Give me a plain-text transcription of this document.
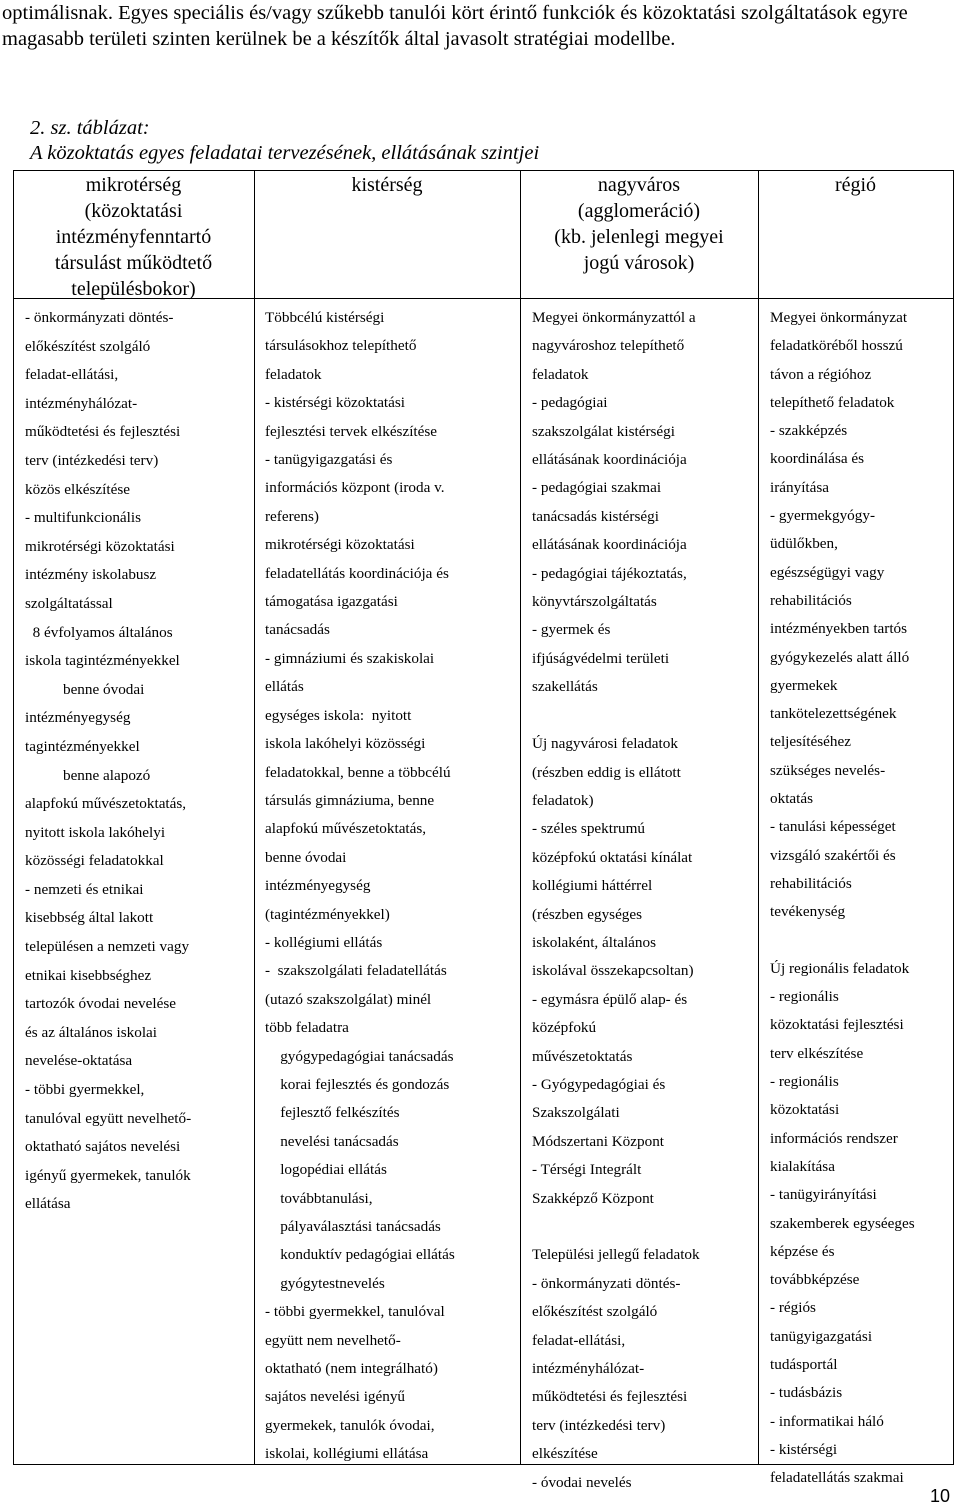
optimálisnak. Egyes speciális és/vagy szűkebb tanulói kört érintő funkciók és közoktatási szolgáltatások egyre magasabb területi szinten kerülnek be a készítők által javasolt stratégiai modellbe.
2. sz. táblázat:
A közoktatás egyes feladatai tervezésének, ellátásának szintjei
mikrotérség
(közoktatási
intézményfenntartó
társulást működtető
településbokor)
kistérség	nagyváros
(agglomeráció)
(kb. jelenlegi megyei
jogú városok)
régió
- önkormányzati döntés-
előkészítést szolgáló
feladat-ellátási,
intézményhálózat-
működtetési és fejlesztési
terv (intézkedési terv)
közös elkészítése
- multifunkcionális
mikrotérségi közoktatási
intézmény iskolabusz
szolgáltatással
8 évfolyamos általános
iskola tagintézményekkel
benne óvodai
intézményegység
tagintézményekkel
benne alapozó
alapfokú művészetoktatás,
nyitott iskola lakóhelyi
közösségi feladatokkal
- nemzeti és etnikai
kisebbség által lakott
településen a nemzeti vagy
etnikai kisebbséghez
tartozók óvodai nevelése
és az általános iskolai
nevelése-oktatása
- többi gyermekkel,
tanulóval együtt nevelhető-
oktatható sajátos nevelési
igényű gyermekek, tanulók
ellátása
Többcélú kistérségi
társulásokhoz telepíthető
feladatok
- kistérségi közoktatási
fejlesztési tervek elkészítése
- tanügyigazgatási és
információs központ (iroda v.
referens)
mikrotérségi közoktatási
feladatellátás koordinációja és
támogatása igazgatási
tanácsadás
- gimnáziumi és szakiskolai
ellátás
egységes iskola:  nyitott
iskola lakóhelyi közösségi
feladatokkal, benne a többcélú
társulás gimnáziuma, benne
alapfokú művészetoktatás,
benne óvodai
intézményegység
(tagintézményekkel)
- kollégiumi ellátás
-  szakszolgálati feladatellátás
(utazó szakszolgálat) minél
több feladatra
gyógypedagógiai tanácsadás
korai fejlesztés és gondozás
fejlesztő felkészítés
nevelési tanácsadás
logopédiai ellátás
továbbtanulási,
pályaválasztási tanácsadás
konduktív pedagógiai ellátás
gyógytestnevelés
- többi gyermekkel, tanulóval
együtt nem nevelhető-
oktatható (nem integrálható)
sajátos nevelési igényű
gyermekek, tanulók óvodai,
iskolai, kollégiumi ellátása
Megyei önkormányzattól a
nagyvároshoz telepíthető
feladatok
- pedagógiai
szakszolgálat kistérségi
ellátásának koordinációja
- pedagógiai szakmai
tanácsadás kistérségi
ellátásának koordinációja
- pedagógiai tájékoztatás,
könyvtárszolgáltatás
- gyermek és
ifjúságvédelmi területi
szakellátás
Új nagyvárosi feladatok
(részben eddig is ellátott
feladatok)
- széles spektrumú
középfokú oktatási kínálat
kollégiumi háttérrel
(részben egységes
iskolaként, általános
iskolával összekapcsoltan)
- egymásra épülő alap- és
középfokú
művészetoktatás
- Gyógypedagógiai és
Szakszolgálati
Módszertani Központ
- Térségi Integrált
Szakképző Központ
Települési jellegű feladatok
- önkormányzati döntés-
előkészítést szolgáló
feladat-ellátási,
intézményhálózat-
működtetési és fejlesztési
terv (intézkedési terv)
elkészítése
- óvodai nevelés
Megyei önkormányzat
feladatköréből hosszú
távon a régióhoz
telepíthető feladatok
- szakképzés
koordinálása és
irányítása
- gyermekgyógy-
üdülőkben,
egészségügyi vagy
rehabilitációs
intézményekben tartós
gyógykezelés alatt álló
gyermekek
tankötelezettségének
teljesítéséhez
szükséges nevelés-
oktatás
- tanulási képességet
vizsgáló szakértői és
rehabilitációs
tevékenység
Új regionális feladatok
- regionális
közoktatási fejlesztési
terv elkészítése
- regionális
közoktatási
információs rendszer
kialakítása
- tanügyirányítási
szakemberek egyséeges
képzése és
továbbképzése
- régiós
tanügyigazgatási
tudásportál
- tudásbázis
- informatikai háló
- kistérségi
feladatellátás szakmai
10
